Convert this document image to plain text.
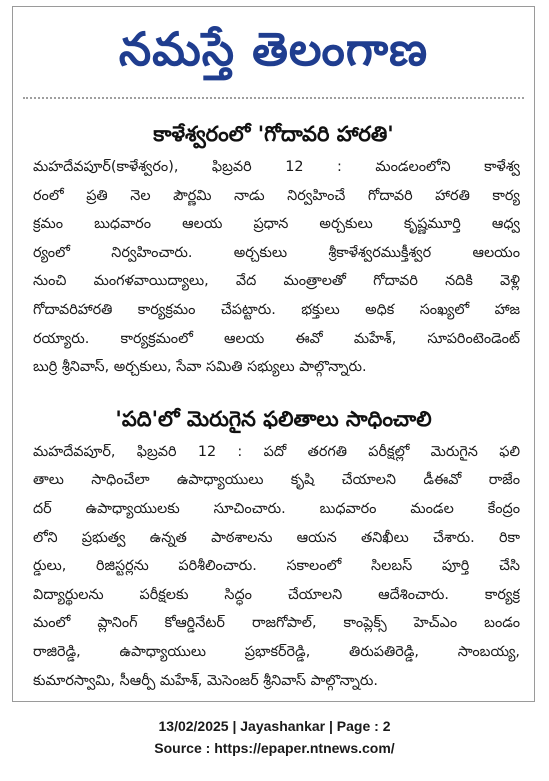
నమస్తే తెలంగాణ
కాళేశ్వరంలో 'గోదావరి హారతి'
మహదేవపూర్(కాళేశ్వరం), ఫిబ్రవరి 12 : మండలంలోని కాళేశ్వ
రంలో ప్రతి నెల పౌర్ణమి నాడు నిర్వహించే గోదావరి హారతి కార్య
క్రమం బుధవారం ఆలయ ప్రధాన అర్చకులు కృష్ణమూర్తి ఆధ్వ
ర్యంలో నిర్వహించారు. అర్చకులు శ్రీకాళేశ్వరముక్తీశ్వర ఆలయం
నుంచి మంగళవాయిద్యాలు, వేద మంత్రాలతో గోదావరి నదికి వెళ్లి
గోదావరిహారతి కార్యక్రమం చేపట్టారు. భక్తులు అధిక సంఖ్యలో హాజ
రయ్యారు. కార్యక్రమంలో ఆలయ ఈవో మహేశ్, సూపరింటెండెంట్
బుర్రి శ్రీనివాస్, అర్చకులు, సేవా సమితి సభ్యులు పాల్గొన్నారు.
'పది'లో మెరుగైన ఫలితాలు సాధించాలి
మహదేవపూర్, ఫిబ్రవరి 12 : పదో తరగతి పరీక్షల్లో మెరుగైన ఫలి
తాలు సాధించేలా ఉపాధ్యాయులు కృషి చేయాలని డీఈవో రాజేం
దర్ ఉపాధ్యాయులకు సూచించారు. బుధవారం మండల కేంద్రం
లోని ప్రభుత్వ ఉన్నత పాఠశాలను ఆయన తనిఖీలు చేశారు. రికా
ర్డులు, రిజిస్టర్లను పరిశీలించారు. సకాలంలో సిలబస్ పూర్తి చేసి
విద్యార్థులను పరీక్షలకు సిద్ధం చేయాలని ఆదేశించారు. కార్యక్ర
మంలో ప్లానింగ్ కోఆర్డినేటర్ రాజగోపాల్, కాంప్లెక్స్ హెచ్ఎం బండం
రాజిరెడ్డి, ఉపాధ్యాయులు ప్రభాకర్‌రెడ్డి, తిరుపతిరెడ్డి, సాంబయ్య,
కుమారస్వామి, సీఆర్పీ మహేశ్, మెసెంజర్ శ్రీనివాస్ పాల్గొన్నారు.
13/02/2025 | Jayashankar | Page : 2
Source : https://epaper.ntnews.com/
